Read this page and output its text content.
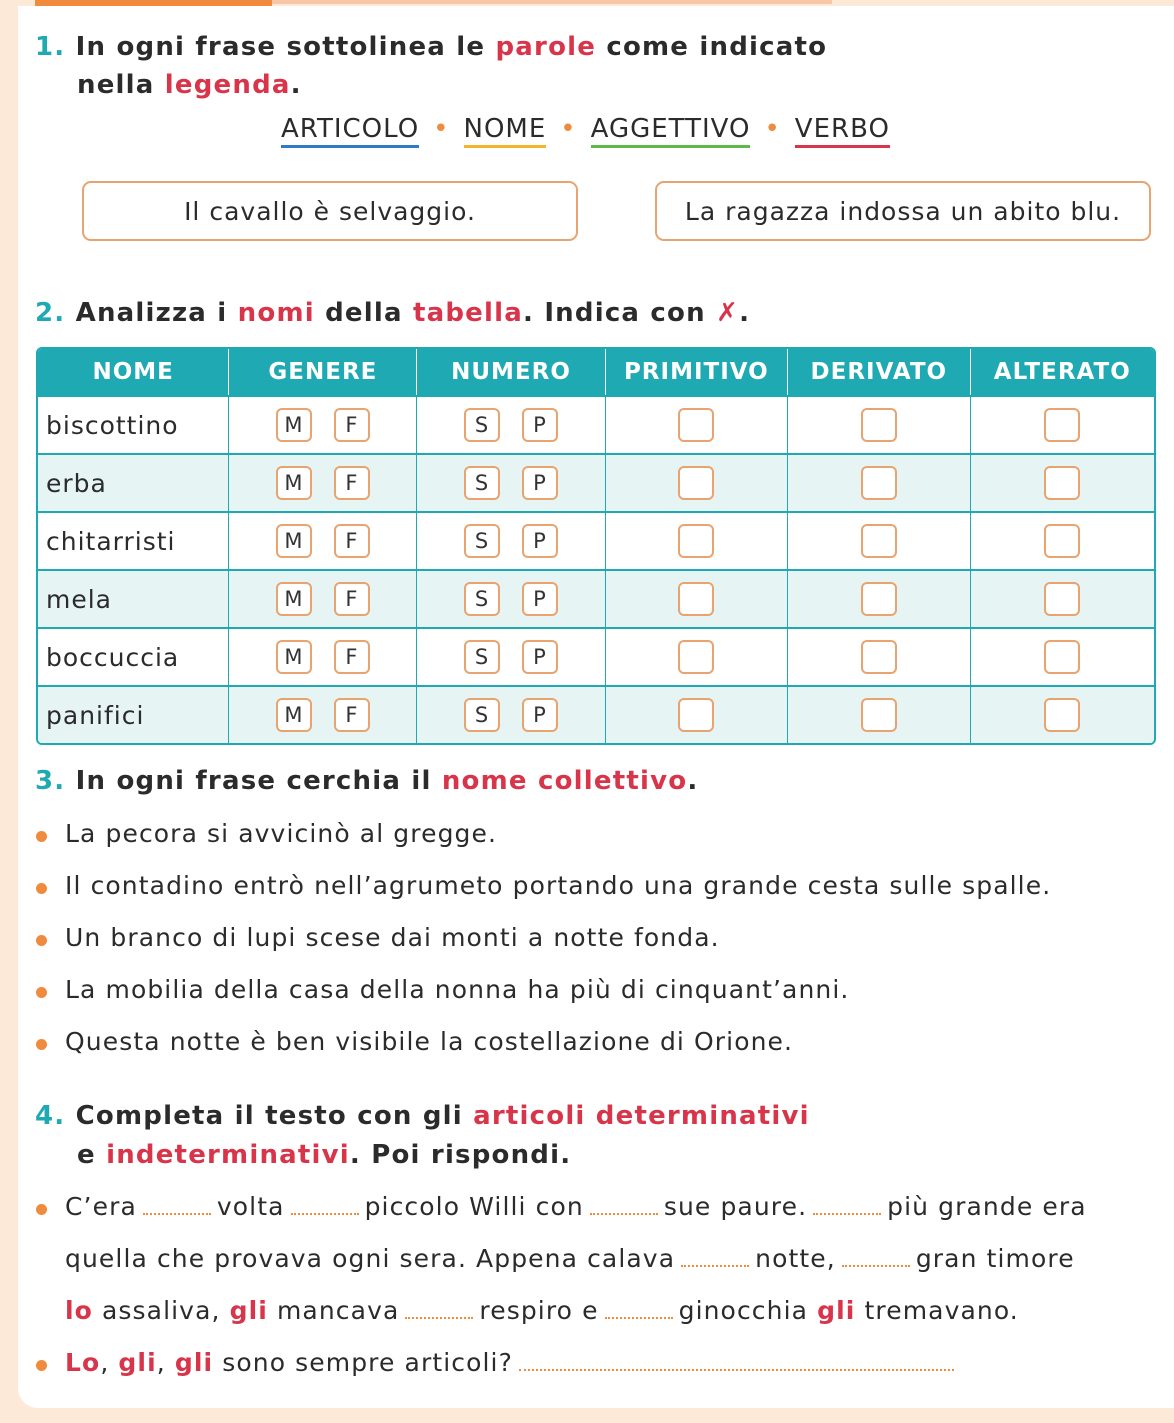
1. In ogni frase sottolinea le parole come indicato
nella legenda.
ARTICOLO • NOME • AGGETTIVO • VERBO
Il cavallo è selvaggio.	La ragazza indossa un abito blu.
2. Analizza i nomi della tabella. Indica con ✗.
NOME	GENERE	NUMERO	PRIMITIVO	DERIVATO	ALTERATO
biscottino	M F	S P			
erba	M F	S P			
chitarristi	M F	S P			
mela	M F	S P			
boccuccia	M F	S P			
panifici	M F	S P			
3. In ogni frase cerchia il nome collettivo.
La pecora si avvicinò al gregge.
Il contadino entrò nell’agrumeto portando una grande cesta sulle spalle.
Un branco di lupi scese dai monti a notte fonda.
La mobilia della casa della nonna ha più di cinquant’anni.
Questa notte è ben visibile la costellazione di Orione.
4. Completa il testo con gli articoli determinativi
e indeterminativi. Poi rispondi.
C’era	volta	piccolo Willi con	sue paure.	più grande era
quella che provava ogni sera. Appena calava	notte,	gran timore
lo assaliva, gli mancava	respiro e	ginocchia gli tremavano.
Lo, gli, gli sono sempre articoli?
